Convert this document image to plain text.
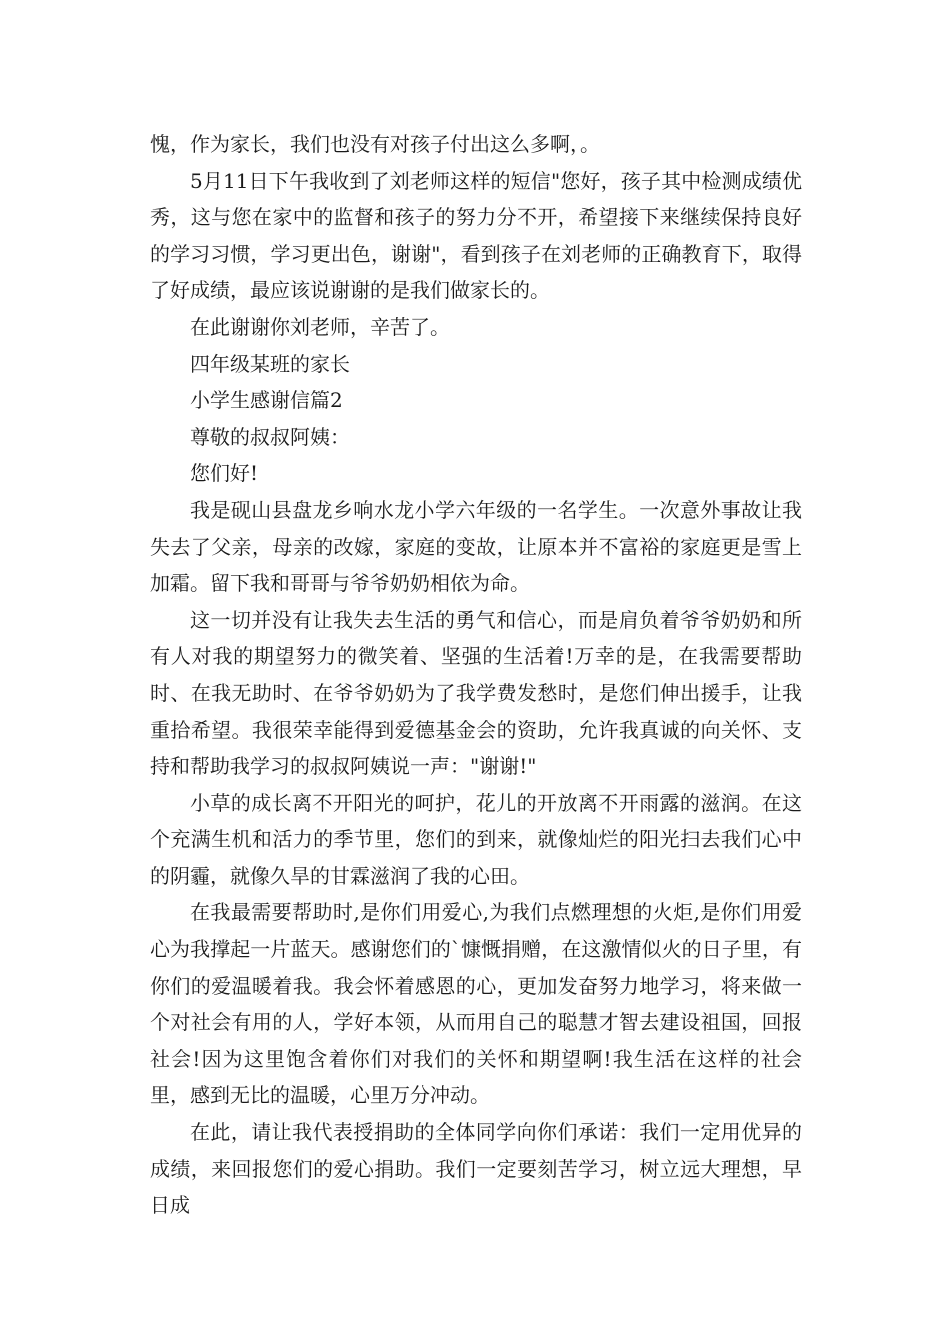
愧，作为家长，我们也没有对孩子付出这么多啊，。

5月11日下午我收到了刘老师这样的短信"您好，孩子其中检测成绩优秀，这与您在家中的监督和孩子的努力分不开，希望接下来继续保持良好的学习习惯，学习更出色，谢谢"，看到孩子在刘老师的正确教育下，取得了好成绩，最应该说谢谢的是我们做家长的。

在此谢谢你刘老师，辛苦了。

四年级某班的家长

小学生感谢信篇2

尊敬的叔叔阿姨：

您们好!

我是砚山县盘龙乡响水龙小学六年级的一名学生。一次意外事故让我失去了父亲，母亲的改嫁，家庭的变故，让原本并不富裕的家庭更是雪上加霜。留下我和哥哥与爷爷奶奶相依为命。

这一切并没有让我失去生活的勇气和信心，而是肩负着爷爷奶奶和所有人对我的期望努力的微笑着、坚强的生活着!万幸的是，在我需要帮助时、在我无助时、在爷爷奶奶为了我学费发愁时，是您们伸出援手，让我重拾希望。我很荣幸能得到爱德基金会的资助，允许我真诚的向关怀、支持和帮助我学习的叔叔阿姨说一声："谢谢!"

小草的成长离不开阳光的呵护，花儿的开放离不开雨露的滋润。在这个充满生机和活力的季节里，您们的到来，就像灿烂的阳光扫去我们心中的阴霾，就像久旱的甘霖滋润了我的心田。

在我最需要帮助时,是你们用爱心,为我们点燃理想的火炬,是你们用爱心为我撑起一片蓝天。感谢您们的`慷慨捐赠，在这激情似火的日子里，有你们的爱温暖着我。我会怀着感恩的心，更加发奋努力地学习，将来做一个对社会有用的人，学好本领，从而用自己的聪慧才智去建设祖国，回报社会!因为这里饱含着你们对我们的关怀和期望啊!我生活在这样的社会里，感到无比的温暖，心里万分冲动。

在此，请让我代表授捐助的全体同学向你们承诺：我们一定用优异的成绩，来回报您们的爱心捐助。我们一定要刻苦学习，树立远大理想，早日成
